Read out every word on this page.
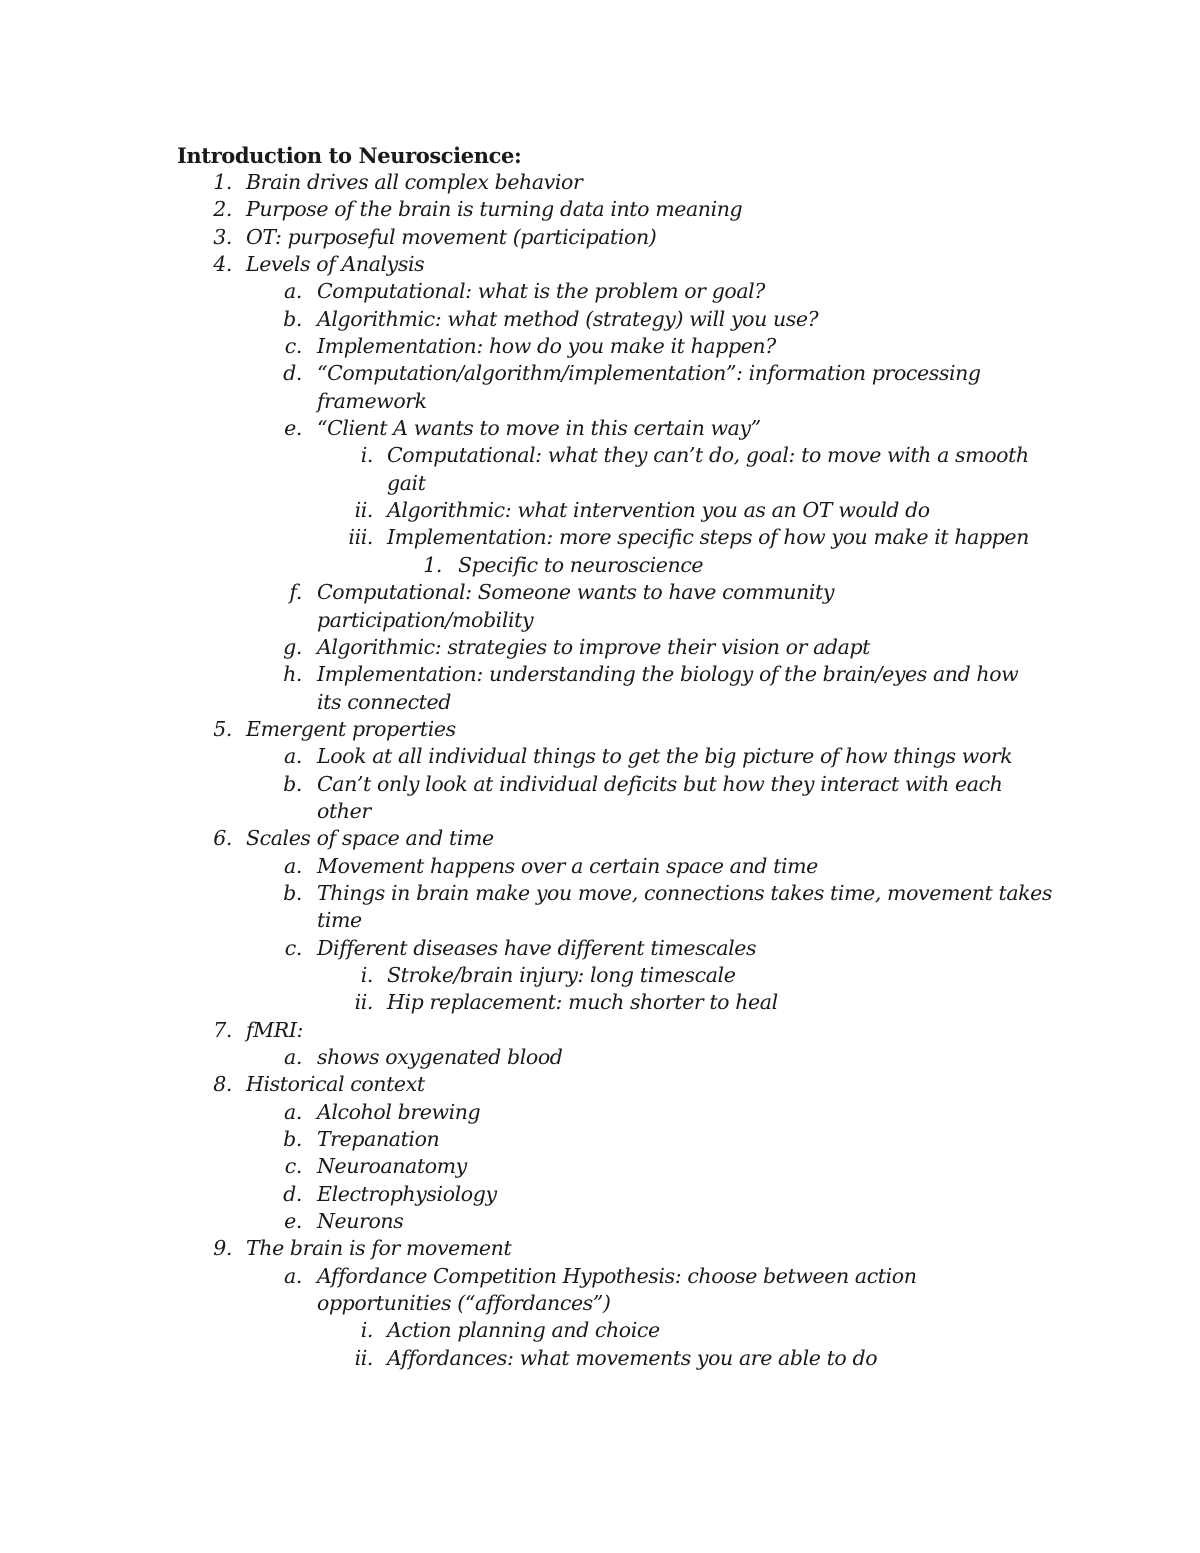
Introduction to Neuroscience:
1. Brain drives all complex behavior
2. Purpose of the brain is turning data into meaning
3. OT: purposeful movement (participation)
4. Levels of Analysis
a. Computational: what is the problem or goal?
b. Algorithmic: what method (strategy) will you use?
c. Implementation: how do you make it happen?
d. “Computation/algorithm/implementation”: information processing
framework
e. “Client A wants to move in this certain way”
i. Computational: what they can’t do, goal: to move with a smooth
gait
ii. Algorithmic: what intervention you as an OT would do
iii. Implementation: more specific steps of how you make it happen
1. Specific to neuroscience
f. Computational: Someone wants to have community
participation/mobility
g. Algorithmic: strategies to improve their vision or adapt
h. Implementation: understanding the biology of the brain/eyes and how
its connected
5. Emergent properties
a. Look at all individual things to get the big picture of how things work
b. Can’t only look at individual deficits but how they interact with each
other
6. Scales of space and time
a. Movement happens over a certain space and time
b. Things in brain make you move, connections takes time, movement takes
time
c. Different diseases have different timescales
i. Stroke/brain injury: long timescale
ii. Hip replacement: much shorter to heal
7. fMRI:
a. shows oxygenated blood
8. Historical context
a. Alcohol brewing
b. Trepanation
c. Neuroanatomy
d. Electrophysiology
e. Neurons
9. The brain is for movement
a. Affordance Competition Hypothesis: choose between action
opportunities (“affordances”)
i. Action planning and choice
ii. Affordances: what movements you are able to do
